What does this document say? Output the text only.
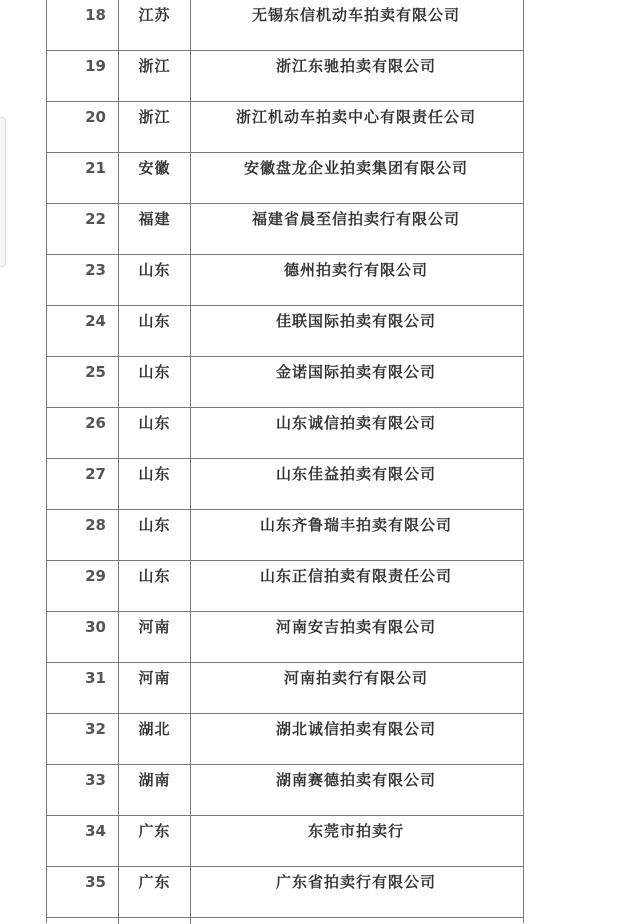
18	江苏	无锡东信机动车拍卖有限公司
19	浙江	浙江东驰拍卖有限公司
20	浙江	浙江机动车拍卖中心有限责任公司
21	安徽	安徽盘龙企业拍卖集团有限公司
22	福建	福建省晨至信拍卖行有限公司
23	山东	德州拍卖行有限公司
24	山东	佳联国际拍卖有限公司
25	山东	金诺国际拍卖有限公司
26	山东	山东诚信拍卖有限公司
27	山东	山东佳益拍卖有限公司
28	山东	山东齐鲁瑞丰拍卖有限公司
29	山东	山东正信拍卖有限责任公司
30	河南	河南安吉拍卖有限公司
31	河南	河南拍卖行有限公司
32	湖北	湖北诚信拍卖有限公司
33	湖南	湖南赛德拍卖有限公司
34	广东	东莞市拍卖行
35	广东	广东省拍卖行有限公司
